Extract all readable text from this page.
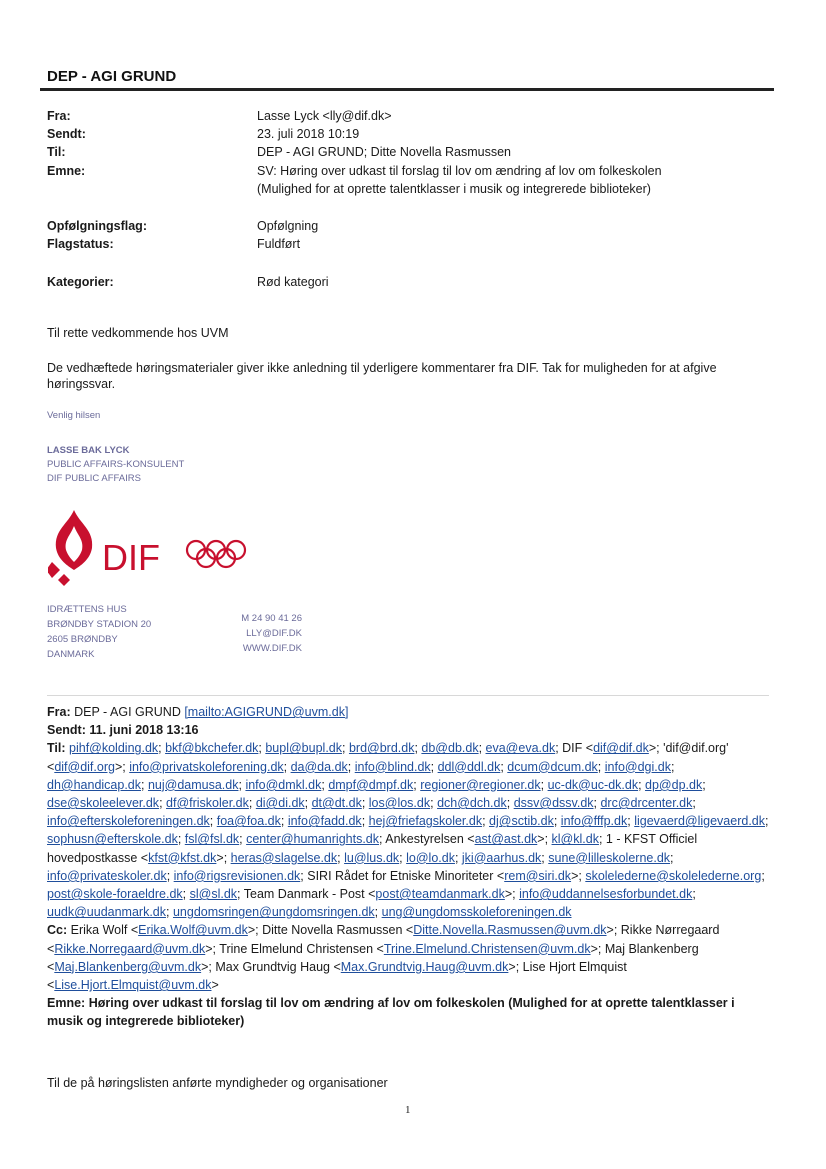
DEP - AGI GRUND
Fra:	Lasse Lyck <lly@dif.dk>
Sendt:	23. juli 2018 10:19
Til:	DEP - AGI GRUND; Ditte Novella Rasmussen
Emne:	SV: Høring over udkast til forslag til lov om ændring af lov om folkeskolen
(Mulighed for at oprette talentklasser i musik og integrerede biblioteker)
Opfølgningsflag:	Opfølgning
Flagstatus:	Fuldført
Kategorier:	Rød kategori
Til rette vedkommende hos UVM
De vedhæftede høringsmaterialer giver ikke anledning til yderligere kommentarer fra DIF. Tak for muligheden for at afgive høringssvar.
Venlig hilsen
LASSE BAK LYCK
PUBLIC AFFAIRS-KONSULENT
DIF PUBLIC AFFAIRS
DIF
IDRÆTTENS HUS
BRØNDBY STADION 20
2605 BRØNDBY
DANMARK
M 24 90 41 26
LLY@DIF.DK
WWW.DIF.DK
Fra: DEP - AGI GRUND [mailto:AGIGRUND@uvm.dk]
Sendt: 11. juni 2018 13:16
Til: pihf@kolding.dk; bkf@bkchefer.dk; bupl@bupl.dk; brd@brd.dk; db@db.dk; eva@eva.dk; DIF <dif@dif.dk>; 'dif@dif.org' <dif@dif.org>; info@privatskoleforening.dk; da@da.dk; info@blind.dk; ddl@ddl.dk; dcum@dcum.dk; info@dgi.dk; dh@handicap.dk; nuj@damusa.dk; info@dmkl.dk; dmpf@dmpf.dk; regioner@regioner.dk; uc-dk@uc-dk.dk; dp@dp.dk; dse@skoleelever.dk; df@friskoler.dk; di@di.dk; dt@dt.dk; los@los.dk; dch@dch.dk; dssv@dssv.dk; drc@drcenter.dk; info@efterskoleforeningen.dk; foa@foa.dk; info@fadd.dk; hej@friefagskoler.dk; dj@sctib.dk; info@fffp.dk; ligevaerd@ligevaerd.dk; sophusn@efterskole.dk; fsl@fsl.dk; center@humanrights.dk; Ankestyrelsen <ast@ast.dk>; kl@kl.dk; 1 - KFST Officiel hovedpostkasse <kfst@kfst.dk>; heras@slagelse.dk; lu@lus.dk; lo@lo.dk; jki@aarhus.dk; sune@lilleskolerne.dk; info@privateskoler.dk; info@rigsrevisionen.dk; SIRI Rådet for Etniske Minoriteter <rem@siri.dk>; skolelederne@skolelederne.org; post@skole-foraeldre.dk; sl@sl.dk; Team Danmark - Post <post@teamdanmark.dk>; info@uddannelsesforbundet.dk; uudk@uudanmark.dk; ungdomsringen@ungdomsringen.dk; ung@ungdomsskoleforeningen.dk
Cc: Erika Wolf <Erika.Wolf@uvm.dk>; Ditte Novella Rasmussen <Ditte.Novella.Rasmussen@uvm.dk>; Rikke Nørregaard <Rikke.Norregaard@uvm.dk>; Trine Elmelund Christensen <Trine.Elmelund.Christensen@uvm.dk>; Maj Blankenberg <Maj.Blankenberg@uvm.dk>; Max Grundtvig Haug <Max.Grundtvig.Haug@uvm.dk>; Lise Hjort Elmquist <Lise.Hjort.Elmquist@uvm.dk>
Emne: Høring over udkast til forslag til lov om ændring af lov om folkeskolen (Mulighed for at oprette talentklasser i musik og integrerede biblioteker)
Til de på høringslisten anførte myndigheder og organisationer
1
